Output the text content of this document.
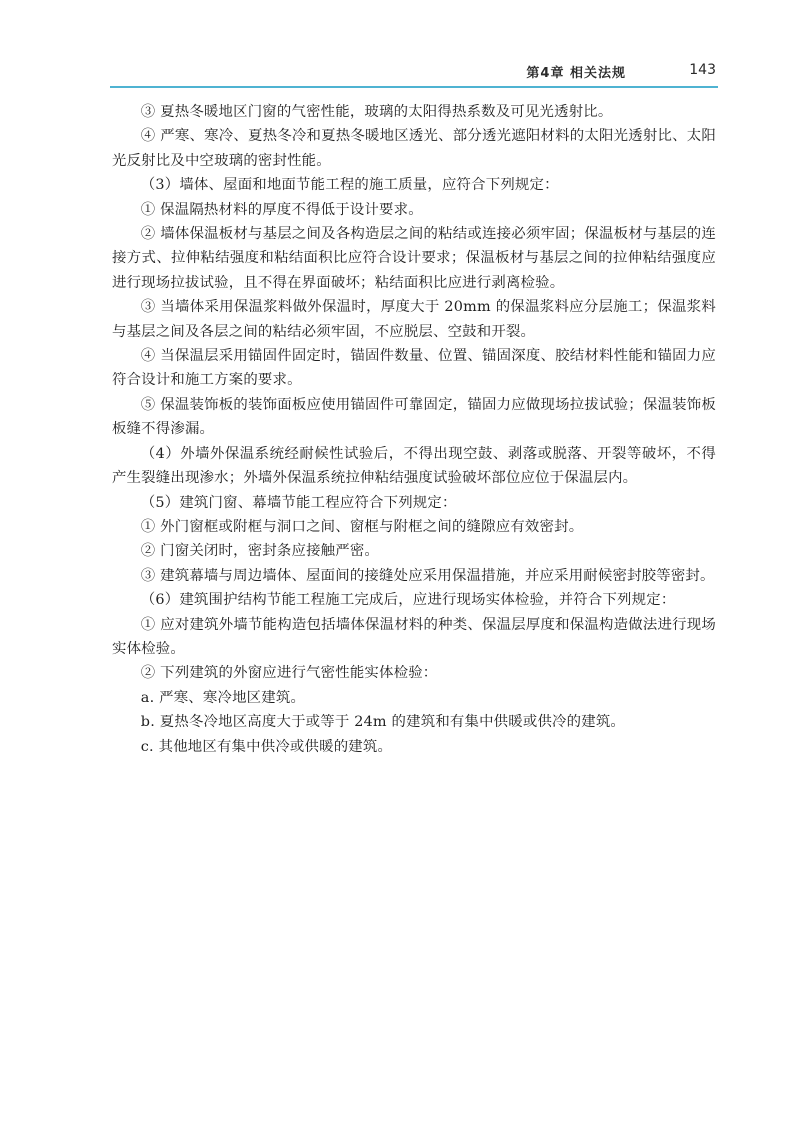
第4章 相关法规	143

③ 夏热冬暖地区门窗的气密性能，玻璃的太阳得热系数及可见光透射比。

④ 严寒、寒冷、夏热冬冷和夏热冬暖地区透光、部分透光遮阳材料的太阳光透射比、太阳光反射比及中空玻璃的密封性能。

（3）墙体、屋面和地面节能工程的施工质量，应符合下列规定：

① 保温隔热材料的厚度不得低于设计要求。

② 墙体保温板材与基层之间及各构造层之间的粘结或连接必须牢固；保温板材与基层的连接方式、拉伸粘结强度和粘结面积比应符合设计要求；保温板材与基层之间的拉伸粘结强度应进行现场拉拔试验，且不得在界面破坏；粘结面积比应进行剥离检验。

③ 当墙体采用保温浆料做外保温时，厚度大于 20mm 的保温浆料应分层施工；保温浆料与基层之间及各层之间的粘结必须牢固，不应脱层、空鼓和开裂。

④ 当保温层采用锚固件固定时，锚固件数量、位置、锚固深度、胶结材料性能和锚固力应符合设计和施工方案的要求。

⑤ 保温装饰板的装饰面板应使用锚固件可靠固定，锚固力应做现场拉拔试验；保温装饰板板缝不得渗漏。

（4）外墙外保温系统经耐候性试验后，不得出现空鼓、剥落或脱落、开裂等破坏，不得产生裂缝出现渗水；外墙外保温系统拉伸粘结强度试验破坏部位应位于保温层内。

（5）建筑门窗、幕墙节能工程应符合下列规定：

① 外门窗框或附框与洞口之间、窗框与附框之间的缝隙应有效密封。

② 门窗关闭时，密封条应接触严密。

③ 建筑幕墙与周边墙体、屋面间的接缝处应采用保温措施，并应采用耐候密封胶等密封。

（6）建筑围护结构节能工程施工完成后，应进行现场实体检验，并符合下列规定：

① 应对建筑外墙节能构造包括墙体保温材料的种类、保温层厚度和保温构造做法进行现场实体检验。

② 下列建筑的外窗应进行气密性能实体检验：

a. 严寒、寒冷地区建筑。

b. 夏热冬冷地区高度大于或等于 24m 的建筑和有集中供暖或供冷的建筑。

c. 其他地区有集中供冷或供暖的建筑。
